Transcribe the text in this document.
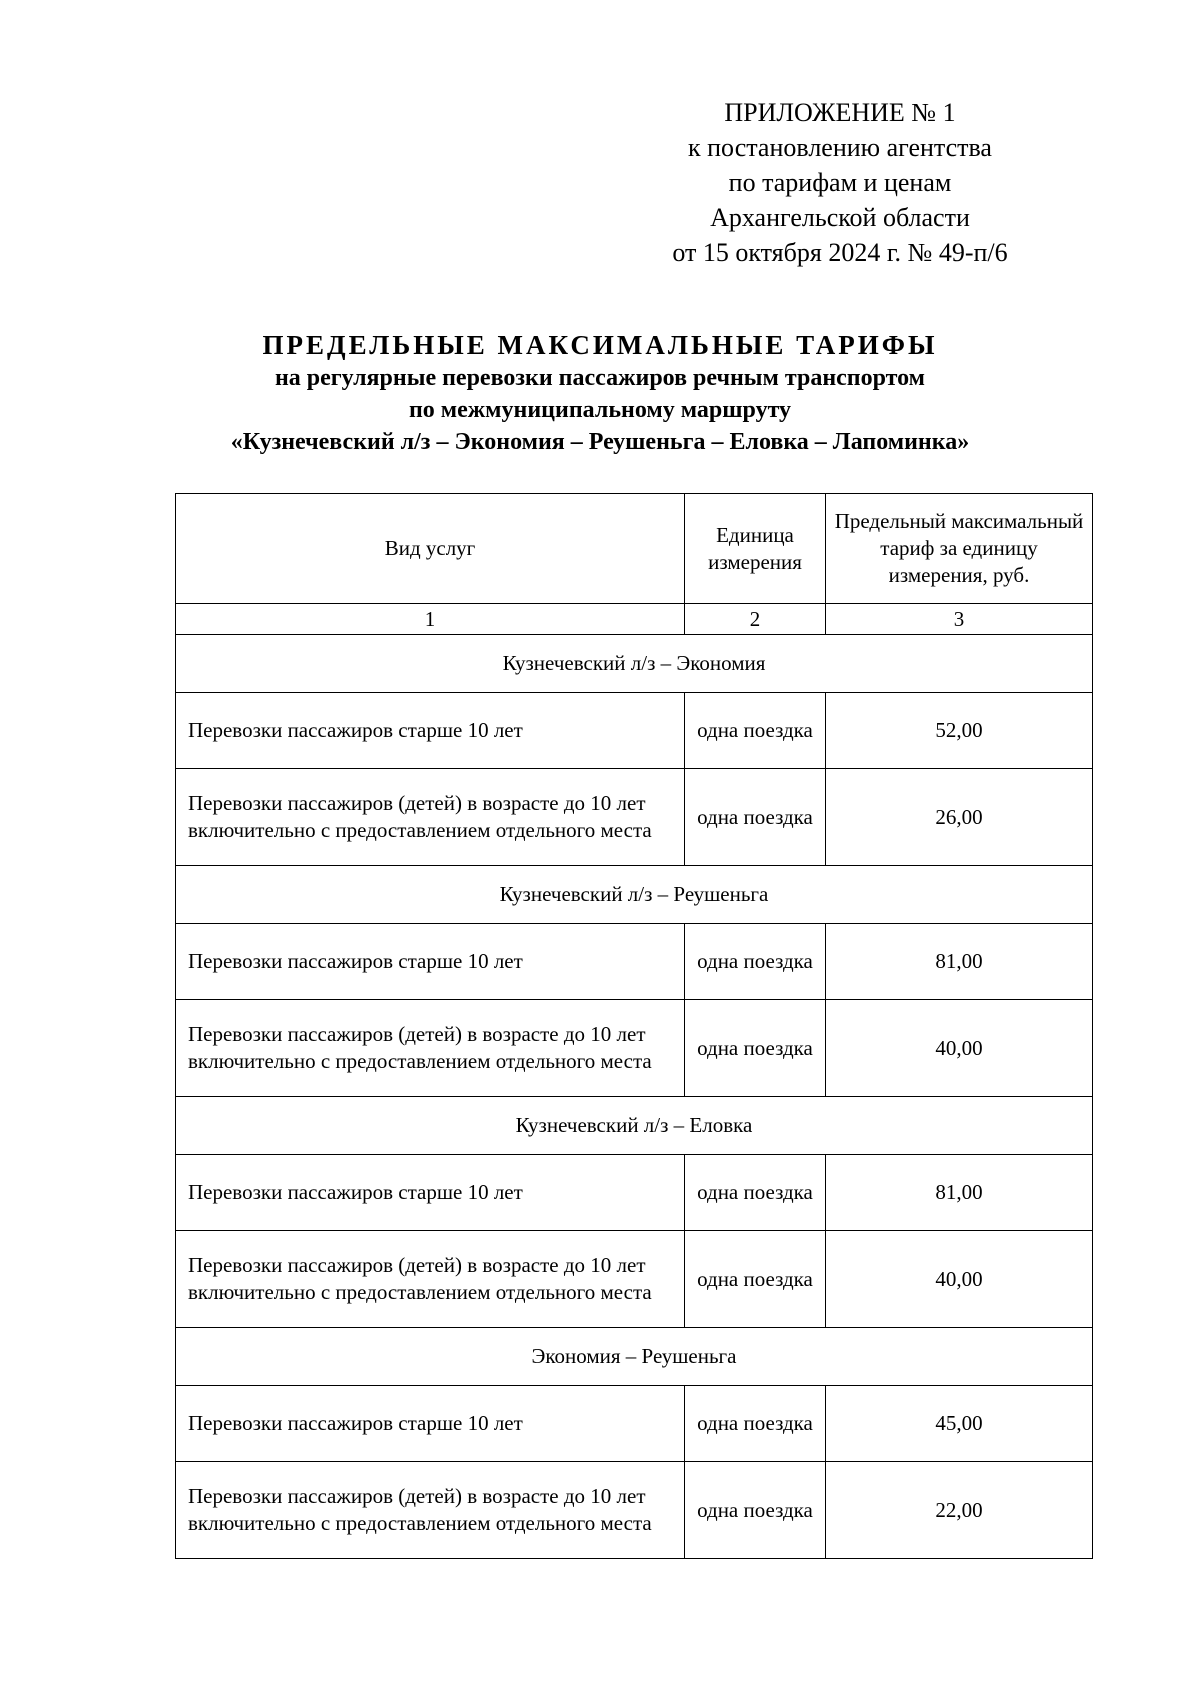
ПРИЛОЖЕНИЕ № 1
к постановлению агентства
по тарифам и ценам
Архангельской области
от 15 октября 2024 г. № 49-п/6
ПРЕДЕЛЬНЫЕ МАКСИМАЛЬНЫЕ ТАРИФЫ
на регулярные перевозки пассажиров речным транспортом
по межмуниципальному маршруту
«Кузнечевский л/з – Экономия – Реушеньга – Еловка – Лапоминка»
Вид услуг	Единица измерения	Предельный максимальный тариф за единицу измерения, руб.
1	2	3
Кузнечевский л/з – Экономия		
Перевозки пассажиров старше 10 лет	одна поездка	52,00
Перевозки пассажиров (детей) в возрасте до 10 лет включительно с предоставлением отдельного места	одна поездка	26,00
Кузнечевский л/з – Реушеньга		
Перевозки пассажиров старше 10 лет	одна поездка	81,00
Перевозки пассажиров (детей) в возрасте до 10 лет включительно с предоставлением отдельного места	одна поездка	40,00
Кузнечевский л/з – Еловка		
Перевозки пассажиров старше 10 лет	одна поездка	81,00
Перевозки пассажиров (детей) в возрасте до 10 лет включительно с предоставлением отдельного места	одна поездка	40,00
Экономия – Реушеньга		
Перевозки пассажиров старше 10 лет	одна поездка	45,00
Перевозки пассажиров (детей) в возрасте до 10 лет включительно с предоставлением отдельного места	одна поездка	22,00
